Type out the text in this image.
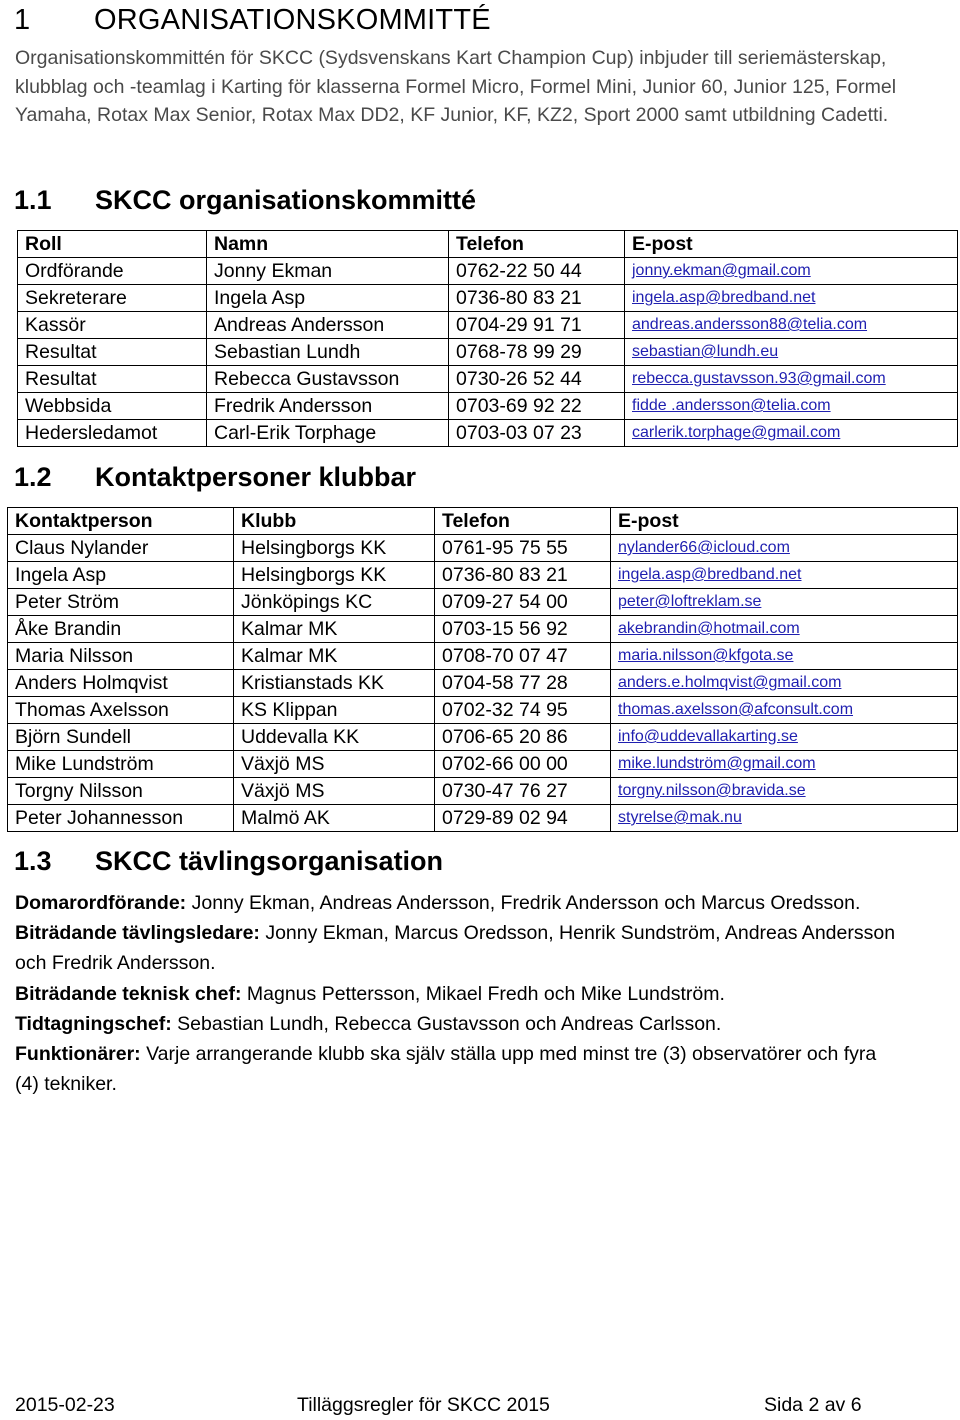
1 ORGANISATIONSKOMMITTÉ
Organisationskommittén för SKCC (Sydsvenskans Kart Champion Cup) inbjuder till seriemästerskap, klubblag och -teamlag i Karting för klasserna Formel Micro, Formel Mini, Junior 60, Junior 125, Formel Yamaha, Rotax Max Senior, Rotax Max DD2, KF Junior, KF, KZ2, Sport 2000 samt utbildning Cadetti.
1.1 SKCC organisationskommitté
Roll	Namn	Telefon	E-post
Ordförande	Jonny Ekman	0762-22 50 44	jonny.ekman@gmail.com
Sekreterare	Ingela Asp	0736-80 83 21	ingela.asp@bredband.net
Kassör	Andreas Andersson	0704-29 91 71	andreas.andersson88@telia.com
Resultat	Sebastian Lundh	0768-78 99 29	sebastian@lundh.eu
Resultat	Rebecca Gustavsson	0730-26 52 44	rebecca.gustavsson.93@gmail.com
Webbsida	Fredrik Andersson	0703-69 92 22	fidde .andersson@telia.com
Hedersledamot	Carl-Erik Torphage	0703-03 07 23	carlerik.torphage@gmail.com
1.2 Kontaktpersoner klubbar
Kontaktperson	Klubb	Telefon	E-post
Claus Nylander	Helsingborgs KK	0761-95 75 55	nylander66@icloud.com
Ingela Asp	Helsingborgs KK	0736-80 83 21	ingela.asp@bredband.net
Peter Ström	Jönköpings KC	0709-27 54 00	peter@loftreklam.se
Åke Brandin	Kalmar MK	0703-15 56 92	akebrandin@hotmail.com
Maria Nilsson	Kalmar MK	0708-70 07 47	maria.nilsson@kfgota.se
Anders Holmqvist	Kristianstads KK	0704-58 77 28	anders.e.holmqvist@gmail.com
Thomas Axelsson	KS Klippan	0702-32 74 95	thomas.axelsson@afconsult.com
Björn Sundell	Uddevalla KK	0706-65 20 86	info@uddevallakarting.se
Mike Lundström	Växjö MS	0702-66 00 00	mike.lundström@gmail.com
Torgny Nilsson	Växjö MS	0730-47 76 27	torgny.nilsson@bravida.se
Peter Johannesson	Malmö AK	0729-89 02 94	styrelse@mak.nu
1.3 SKCC tävlingsorganisation

Domarordförande: Jonny Ekman, Andreas Andersson, Fredrik Andersson och Marcus Oredsson.

Biträdande tävlingsledare: Jonny Ekman, Marcus Oredsson, Henrik Sundström, Andreas Andersson och Fredrik Andersson.

Biträdande teknisk chef: Magnus Pettersson, Mikael Fredh och Mike Lundström.

Tidtagningschef: Sebastian Lundh, Rebecca Gustavsson och Andreas Carlsson.

Funktionärer: Varje arrangerande klubb ska själv ställa upp med minst tre (3) observatörer och fyra (4) tekniker.

2015-02-23	Tilläggsregler för SKCC 2015	Sida 2 av 6
